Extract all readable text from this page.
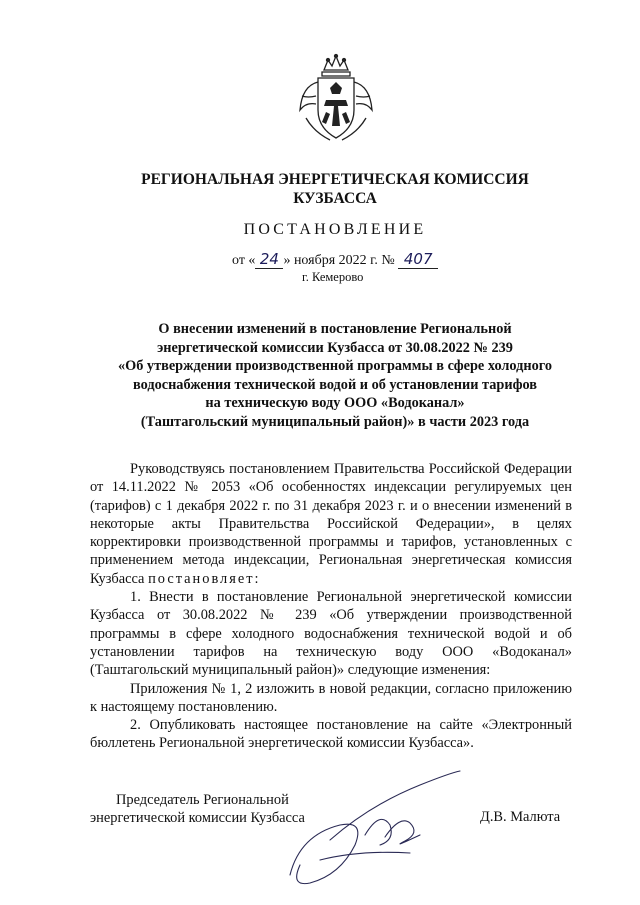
РЕГИОНАЛЬНАЯ ЭНЕРГЕТИЧЕСКАЯ КОМИССИЯ
КУЗБАССА
ПОСТАНОВЛЕНИЕ
от « 24 » ноября 2022 г. № 407
г. Кемерово
О внесении изменений в постановление Региональной
энергетической комиссии Кузбасса от 30.08.2022 № 239
«Об утверждении производственной программы в сфере холодного
водоснабжения технической водой и об установлении тарифов
на техническую воду ООО «Водоканал»
(Таштагольский муниципальный район)» в части 2023 года

Руководствуясь постановлением Правительства Российской Федерации от 14.11.2022 № 2053 «Об особенностях индексации регулируемых цен (тарифов) с 1 декабря 2022 г. по 31 декабря 2023 г. и о внесении изменений в некоторые акты Правительства Российской Федерации», в целях корректировки производственной программы и тарифов, установленных с применением метода индексации, Региональная энергетическая комиссия Кузбасса постановляет:

1. Внести в постановление Региональной энергетической комиссии Кузбасса от 30.08.2022 № 239 «Об утверждении производственной программы в сфере холодного водоснабжения технической водой и об установлении тарифов на техническую воду ООО «Водоканал» (Таштагольский муниципальный район)» следующие изменения:

Приложения № 1, 2 изложить в новой редакции, согласно приложению к настоящему постановлению.

2. Опубликовать настоящее постановление на сайте «Электронный бюллетень Региональной энергетической комиссии Кузбасса».

Председатель Региональной
энергетической комиссии Кузбасса	Д.В. Малюта
